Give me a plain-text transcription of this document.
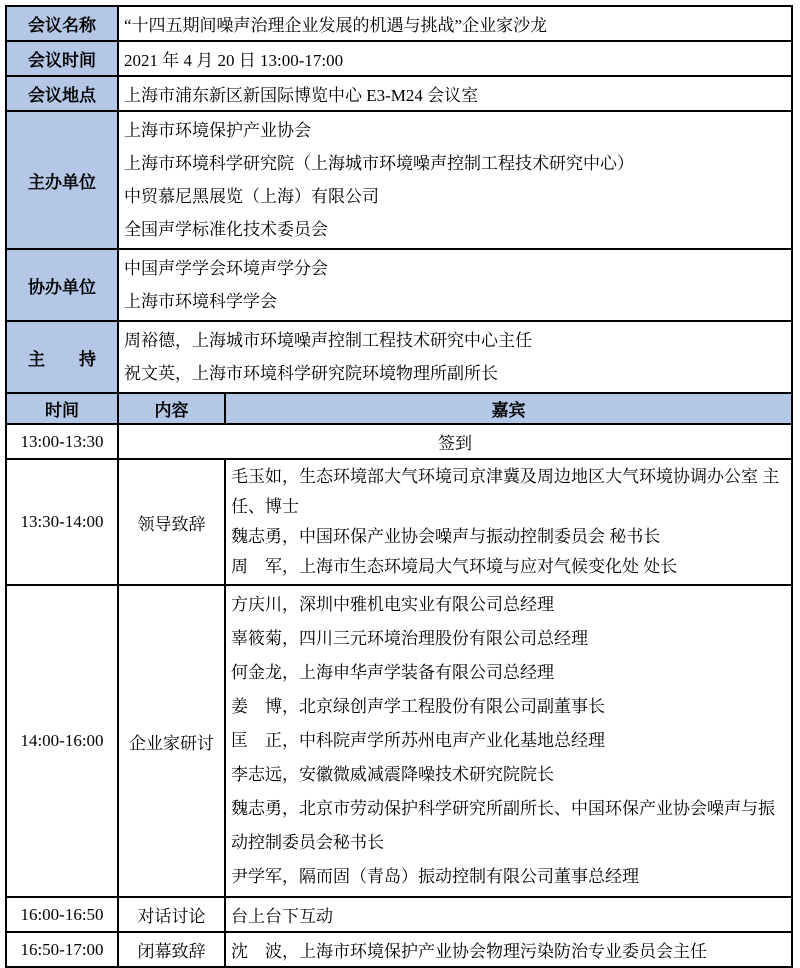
会议名称	“十四五期间噪声治理企业发展的机遇与挑战”企业家沙龙	
会议时间	2021 年 4 月 20 日 13:00-17:00	
会议地点	上海市浦东新区新国际博览中心 E3-M24 会议室	
主办单位	上海市环境保护产业协会
上海市环境科学研究院（上海城市环境噪声控制工程技术研究中心）
中贸慕尼黑展览（上海）有限公司
全国声学标准化技术委员会	

协办单位	中国声学学会环境声学分会
上海市环境科学学会	

主　　持	周裕德，上海城市环境噪声控制工程技术研究中心主任
祝文英，上海市环境科学研究院环境物理所副所长	

时间	内容	嘉宾
13:00-13:30	签到	
13:30-14:00	领导致辞	毛玉如，生态环境部大气环境司京津冀及周边地区大气环境协调办公室 主任、博士
魏志勇，中国环保产业协会噪声与振动控制委员会 秘书长
周　军，上海市生态环境局大气环境与应对气候变化处 处长

14:00-16:00	企业家研讨	
方庆川，深圳中雅机电实业有限公司总经理
辜筱菊，四川三元环境治理股份有限公司总经理
何金龙，上海申华声学装备有限公司总经理
姜　博，北京绿创声学工程股份有限公司副董事长
匡　正，中科院声学所苏州电声产业化基地总经理
李志远，安徽微威减震降噪技术研究院院长
魏志勇，北京市劳动保护科学研究所副所长、中国环保产业协会噪声与振动控制委员会秘书长
尹学军，隔而固（青岛）振动控制有限公司董事总经理

16:00-16:50	对话讨论	台上台下互动
16:50-17:00	闭幕致辞	沈　波，上海市环境保护产业协会物理污染防治专业委员会主任
